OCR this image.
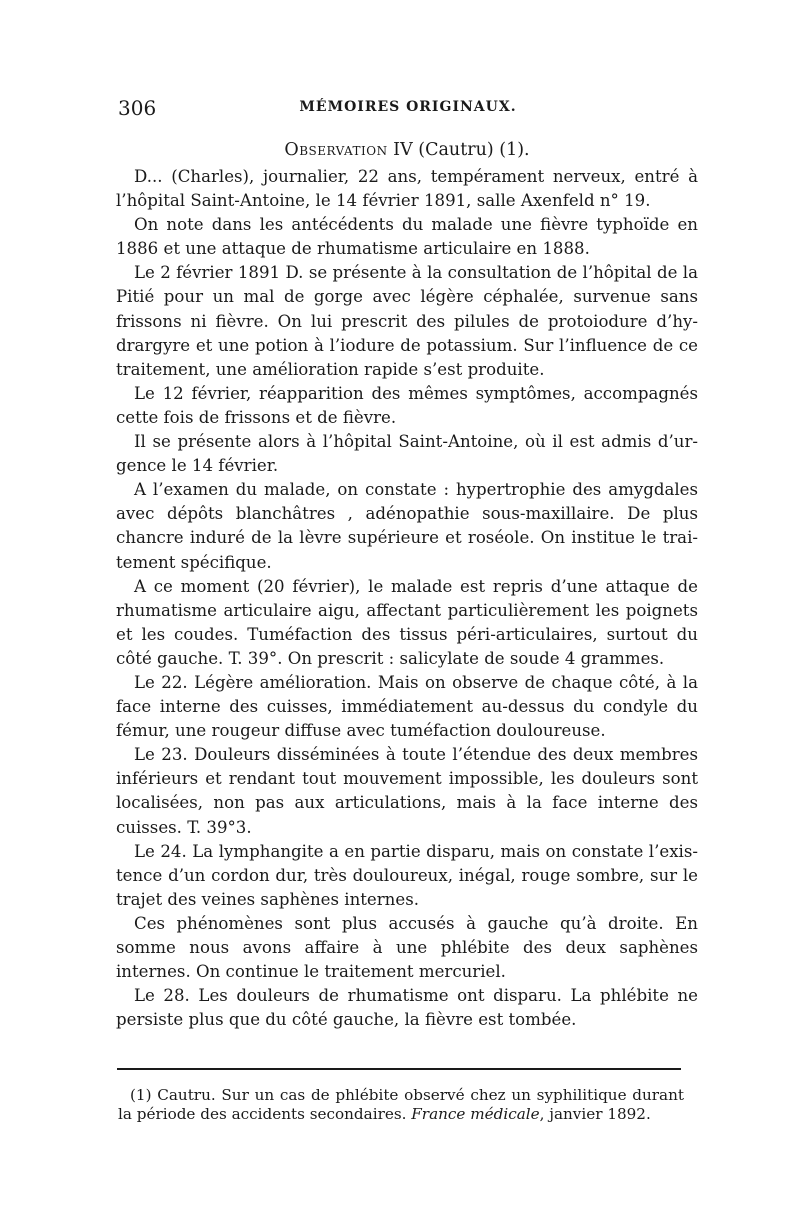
306	MÉMOIRES ORIGINAUX.
Observation IV (Cautru) (1).

D... (Charles), journalier, 22 ans, tempérament nerveux, entré à l’hôpital Saint-Antoine, le 14 février 1891, salle Axenfeld n° 19.

On note dans les antécédents du malade une fièvre typhoïde en 1886 et une attaque de rhumatisme articulaire en 1888.

Le 2 février 1891 D. se présente à la consultation de l’hôpital de la Pitié pour un mal de gorge avec légère céphalée, survenue sans frissons ni fièvre. On lui prescrit des pilules de protoiodure d’hydrargyre et une potion à l’iodure de potassium. Sur l’influence de ce traitement, une amélioration rapide s’est produite.

Le 12 février, réapparition des mêmes symptômes, accompagnés cette fois de frissons et de fièvre.

Il se présente alors à l’hôpital Saint-Antoine, où il est admis d’urgence le 14 février.

A l’examen du malade, on constate : hypertrophie des amygdales avec dépôts blanchâtres , adénopathie sous-maxillaire. De plus chancre induré de la lèvre supérieure et roséole. On institue le traitement spécifique.

A ce moment (20 février), le malade est repris d’une attaque de rhumatisme articulaire aigu, affectant particulièrement les poignets et les coudes. Tuméfaction des tissus péri-articulaires, surtout du côté gauche. T. 39°. On prescrit : salicylate de soude 4 grammes.

Le 22. Légère amélioration. Mais on observe de chaque côté, à la face interne des cuisses, immédiatement au-dessus du condyle du fémur, une rougeur diffuse avec tuméfaction douloureuse.

Le 23. Douleurs disséminées à toute l’étendue des deux membres inférieurs et rendant tout mouvement impossible, les douleurs sont localisées, non pas aux articulations, mais à la face interne des cuisses. T. 39°3.

Le 24. La lymphangite a en partie disparu, mais on constate l’existence d’un cordon dur, très douloureux, inégal, rouge sombre, sur le trajet des veines saphènes internes.

Ces phénomènes sont plus accusés à gauche qu’à droite. En somme nous avons affaire à une phlébite des deux saphènes internes. On continue le traitement mercuriel.

Le 28. Les douleurs de rhumatisme ont disparu. La phlébite ne persiste plus que du côté gauche, la fièvre est tombée.

(1) Cautru. Sur un cas de phlébite observé chez un syphilitique durant la période des accidents secondaires. France médicale, janvier 1892.
